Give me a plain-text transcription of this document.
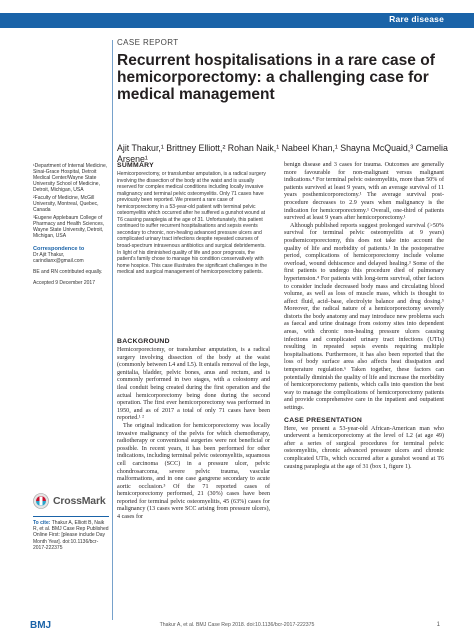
Rare disease
CASE REPORT
Recurrent hospitalisations in a rare case of hemicorporectomy: a challenging case for medical management
Ajit Thakur,¹ Brittney Elliott,² Rohan Naik,¹ Nabeel Khan,¹ Shayna McQuaid,³ Camelia Arsene¹
¹Department of Internal Medicine, Sinai-Grace Hospital, Detroit Medical Center/Wayne State University School of Medicine, Detroit, Michigan, USA
²Faculty of Medicine, McGill University, Montreal, Quebec, Canada
³Eugene Applebaum College of Pharmacy and Health Sciences, Wayne State University, Detroit, Michigan, USA
Correspondence to
Dr Ajit Thakur, carindianx@gmail.com
BE and RN contributed equally.
Accepted 9 December 2017
SUMMARY

Hemicorporectomy, or translumbar amputation, is a radical surgery involving the dissection of the body at the waist and is usually reserved for complex medical conditions including locally invasive malignancy and terminal pelvic osteomyelitis. Only 71 cases have previously been reported. We present a rare case of hemicorporectomy in a 53-year-old patient with terminal pelvic osteomyelitis which occurred after he suffered a gunshot wound at T6 causing paraplegia at the age of 31. Unfortunately, this patient continued to suffer recurrent hospitalisations and sepsis events secondary to chronic, non-healing advanced pressure ulcers and complicated urinary tract infections despite repeated courses of broad-spectrum intravenous antibiotics and surgical debridements. In light of his diminished quality of life and poor prognosis, the patient's family chose to manage his condition conservatively with home hospice. This case illustrates the significant challenges in the medical and surgical management of hemicorporectomy patients.

BACKGROUND

Hemicorporectomy, or translumbar amputation, is a radical surgery involving dissection of the body at the waist (commonly between L4 and L5). It entails removal of the legs, genitalia, bladder, pelvic bones, anus and rectum, and is commonly performed in two stages, with a colostomy and ileal conduit being created during the first operation and the actual hemicorporectomy being done during the second operation. The first ever hemicorporectomy was performed in 1950, and as of 2017 a total of only 71 cases have been reported.¹ ²

The original indication for hemicorporectomy was locally invasive malignancy of the pelvis for which chemotherapy, radiotherapy or conventional surgeries were not beneficial or possible. In recent years, it has been performed for other indications, including terminal pelvic osteomyelitis, squamous cell carcinoma (SCC) in a pressure ulcer, pelvic chondrosarcoma, severe pelvic trauma, vascular malformations, and in one case gangrene secondary to acute aortic occlusion.³ Of the 71 reported cases of hemicorporectomy performed, 21 (30%) cases have been reported for terminal pelvic osteomyelitis, 45 (63%) cases for malignancy (13 cases were SCC arising from pressure ulcers), 4 cases for

benign disease and 3 cases for trauma. Outcomes are generally more favourable for non-malignant versus malignant indications.⁴ For terminal pelvic osteomyelitis, more than 50% of patients survived at least 9 years, with an average survival of 11 years posthemicorporectomy.¹ The average survival post-procedure decreases to 2.9 years when malignancy is the indication for hemicorporectomy.¹ Overall, one-third of patients survived at least 9 years after hemicorporectomy.¹

Although published reports suggest prolonged survival (>50% survival for terminal pelvic osteomyelitis at 9 years) posthemicorporectomy, this does not take into account the quality of life and morbidity of patients.¹ In the postoperative period, complications of hemicorporectomy include volume overload, wound dehiscence and delayed healing.³ Some of the first patients to undergo this procedure died of pulmonary hypertension.⁴ For patients with long-term survival, other factors to consider include decreased body mass and circulating blood volume, as well as loss of muscle mass, which is thought to affect fluid, acid–base, electrolyte balance and drug dosing.⁵ Moreover, the radical nature of a hemicorporectomy severely distorts the body anatomy and may introduce new problems such as faecal and urine drainage from ostomy sites into dependent areas, with chronic non-healing pressure ulcers causing infections and complicated urinary tract infections (UTIs) resulting in repeated sepsis events requiring multiple hospitalisations. Furthermore, it has also been reported that the loss of body surface area also affects heat dissipation and temperature regulation.⁶ Taken together, these factors can potentially diminish the quality of life and increase the morbidity of hemicorporectomy patients, which calls into question the best way to manage the complications of hemicorporectomy patients and provide comprehensive care in the inpatient and outpatient settings.

CASE PRESENTATION

Here, we present a 53-year-old African-American man who underwent a hemicorporectomy at the level of L2 (at age 49) after a series of surgical procedures for terminal pelvic osteomyelitis, chronic advanced pressure ulcers and chronic complicated UTIs, which occurred after a gunshot wound at T6 causing paraplegia at the age of 31 (box 1, figure 1).

CrossMark
To cite: Thakur A, Elliott B, Naik R, et al. BMJ Case Rep Published Online First: [please include Day Month Year]. doi:10.1136/bcr-2017-222375
BMJ	Thakur A, et al. BMJ Case Rep 2018. doi:10.1136/bcr-2017-222375	1
